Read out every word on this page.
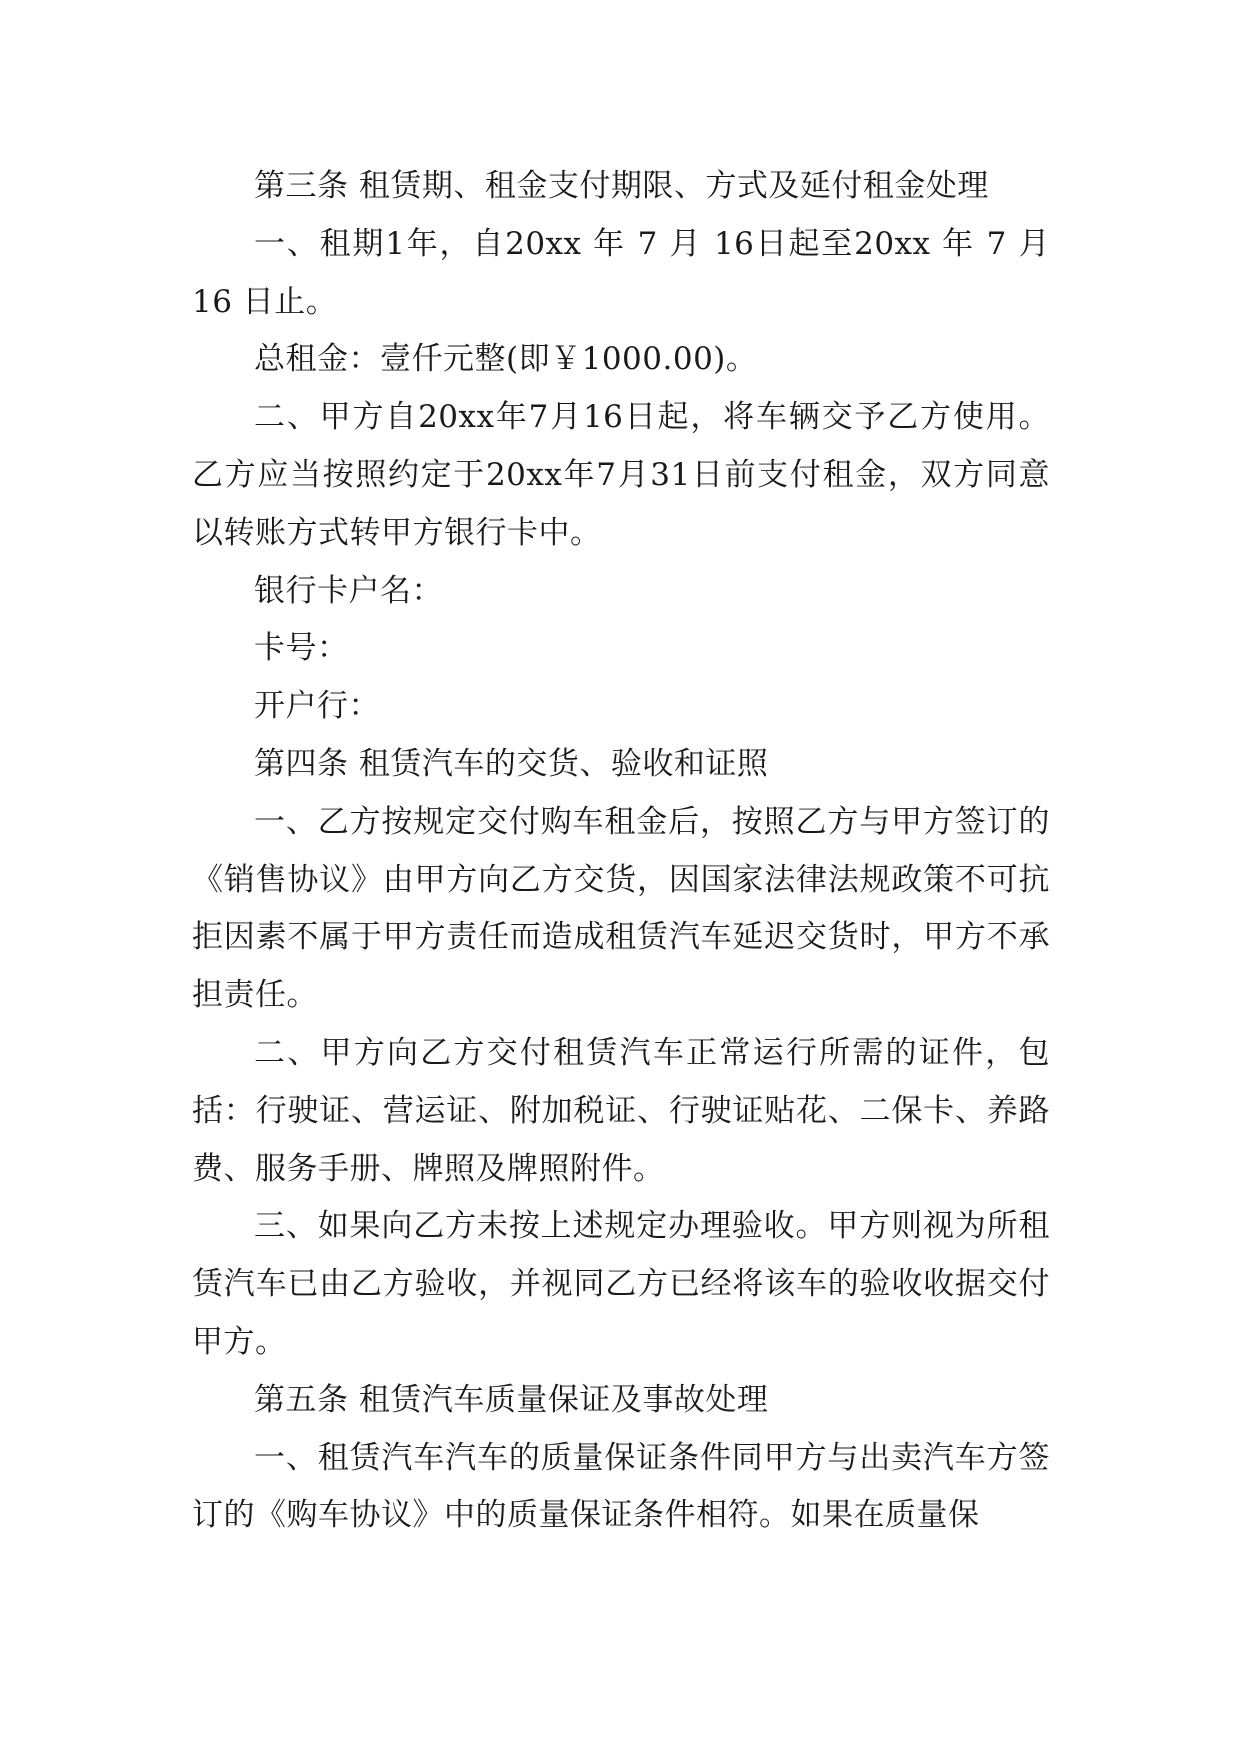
第三条 租赁期、租金支付期限、方式及延付租金处理

一、租期1年，自20xx 年 7 月 16日起至20xx 年 7 月 16 日止。

总租金：壹仟元整(即￥1000.00)。

二、甲方自20xx年7月16日起，将车辆交予乙方使用。乙方应当按照约定于20xx年7月31日前支付租金，双方同意以转账方式转甲方银行卡中。

银行卡户名：

卡号：

开户行：

第四条 租赁汽车的交货、验收和证照

一、乙方按规定交付购车租金后，按照乙方与甲方签订的《销售协议》由甲方向乙方交货，因国家法律法规政策不可抗拒因素不属于甲方责任而造成租赁汽车延迟交货时，甲方不承担责任。

二、甲方向乙方交付租赁汽车正常运行所需的证件，包括：行驶证、营运证、附加税证、行驶证贴花、二保卡、养路费、服务手册、牌照及牌照附件。

三、如果向乙方未按上述规定办理验收。甲方则视为所租赁汽车已由乙方验收，并视同乙方已经将该车的验收收据交付甲方。

第五条 租赁汽车质量保证及事故处理

一、租赁汽车汽车的质量保证条件同甲方与出卖汽车方签订的《购车协议》中的质量保证条件相符。如果在质量保
